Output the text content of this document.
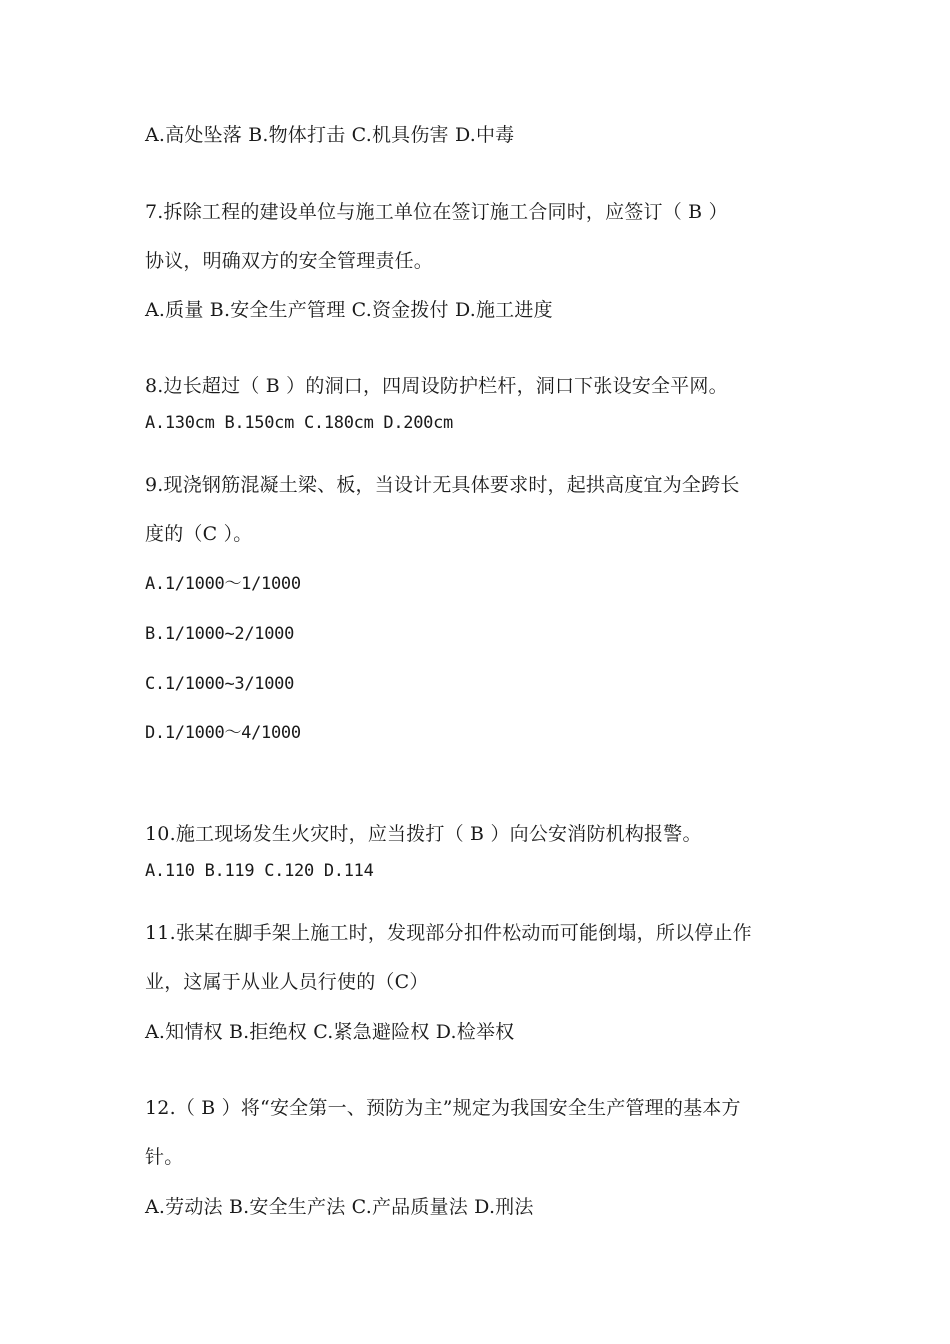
A.高处坠落 B.物体打击 C.机具伤害 D.中毒
7.拆除工程的建设单位与施工单位在签订施工合同时，应签订（ B ）
协议，明确双方的安全管理责任。
A.质量 B.安全生产管理 C.资金拨付 D.施工进度
8.边长超过（ B ）的洞口，四周设防护栏杆，洞口下张设安全平网。
A.130cm B.150cm C.180cm D.200cm
9.现浇钢筋混凝土梁、板，当设计无具体要求时，起拱高度宜为全跨长
度的（C ）。
A.1/1000～1/1000
B.1/1000~2/1000
C.1/1000~3/1000
D.1/1000～4/1000
10.施工现场发生火灾时，应当拨打（ B ）向公安消防机构报警。
A.110 B.119 C.120 D.114
11.张某在脚手架上施工时，发现部分扣件松动而可能倒塌，所以停止作
业，这属于从业人员行使的（C）
A.知情权 B.拒绝权 C.紧急避险权 D.检举权
12.（ B ）将“安全第一、预防为主”规定为我国安全生产管理的基本方
针。
A.劳动法 B.安全生产法 C.产品质量法 D.刑法
